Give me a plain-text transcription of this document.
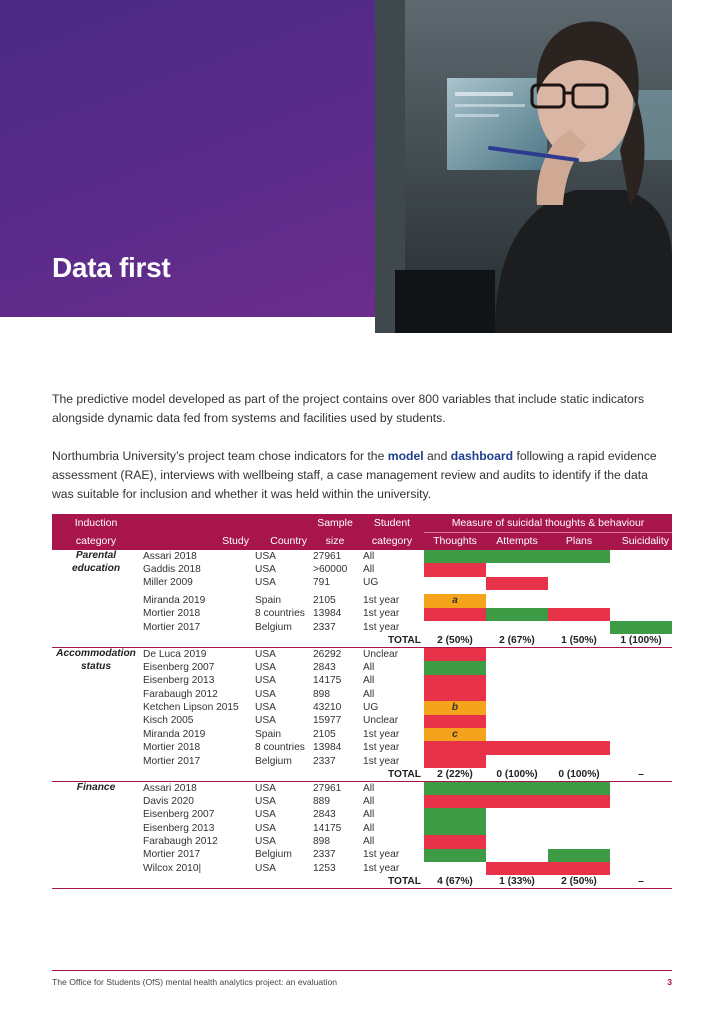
Data first

The predictive model developed as part of the project contains over 800 variables that include static indicators alongside dynamic data fed from systems and facilities used by students.

Northumbria University’s project team chose indicators for the model and dashboard following a rapid evidence assessment (RAE), interviews with wellbeing staff, a case management review and audits to identify if the data was suitable for inclusion and whether it was held within the university.

Induction			Sample	Student	Measure of suicidal thoughts & behaviour			
category	Study	Country	size	category	Thoughts	Attempts	Plans	Suicidality
Parental	Assari 2018	USA	27961	All				
education	Gaddis 2018	USA	>60000	All				
	Miller 2009	USA	791	UG				

	Miranda 2019	Spain	2105	1st year	a			
	Mortier 2018	8 countries	13984	1st year				
	Mortier 2017	Belgium	2337	1st year				
	TOTAL				2 (50%)	2 (67%)	1 (50%)	1 (100%)
Accommodation	De Luca 2019	USA	26292	Unclear				
status	Eisenberg 2007	USA	2843	All				
	Eisenberg 2013	USA	14175	All				
	Farabaugh 2012	USA	898	All				
	Ketchen Lipson 2015	USA	43210	UG	b			
	Kisch 2005	USA	15977	Unclear				
	Miranda 2019	Spain	2105	1st year	c			
	Mortier 2018	8 countries	13984	1st year				
	Mortier 2017	Belgium	2337	1st year				
	TOTAL				2 (22%)	0 (100%)	0 (100%)	–
Finance	Assari 2018	USA	27961	All				
	Davis 2020	USA	889	All				
	Eisenberg 2007	USA	2843	All				
	Eisenberg 2013	USA	14175	All				
	Farabaugh 2012	USA	898	All				
	Mortier 2017	Belgium	2337	1st year				
	Wilcox 2010|	USA	1253	1st year				
	TOTAL				4 (67%)	1 (33%)	2 (50%)	–
The Office for Students (OfS) mental health analytics project: an evaluation	3
